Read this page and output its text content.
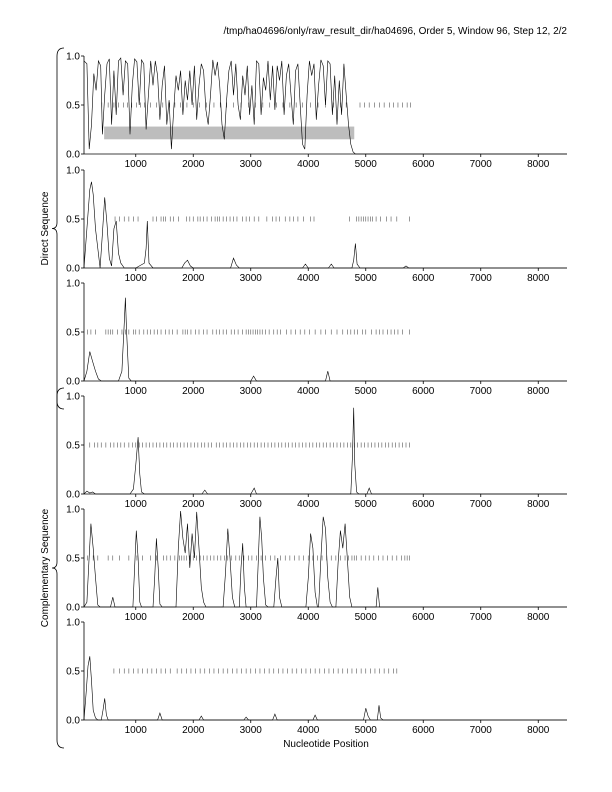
/tmp/ha04696/only/raw_result_dir/ha04696, Order 5, Window 96, Step 12, 2/2
0.0
0.5
1.0
1000	2000	3000	4000	5000	6000	7000	8000
0.0
0.5
1.0
1000	2000	3000	4000	5000	6000	7000	8000
0.0
0.5
1.0
1000	2000	3000	4000	5000	6000	7000	8000
0.0
0.5
1.0
1000	2000	3000	4000	5000	6000	7000	8000
0.0
0.5
1.0
1000	2000	3000	4000	5000	6000	7000	8000
0.0
0.5
1.0
1000	2000	3000	4000	5000	6000	7000	8000
Direct Sequence
Complementary Sequence
Nucleotide Position
